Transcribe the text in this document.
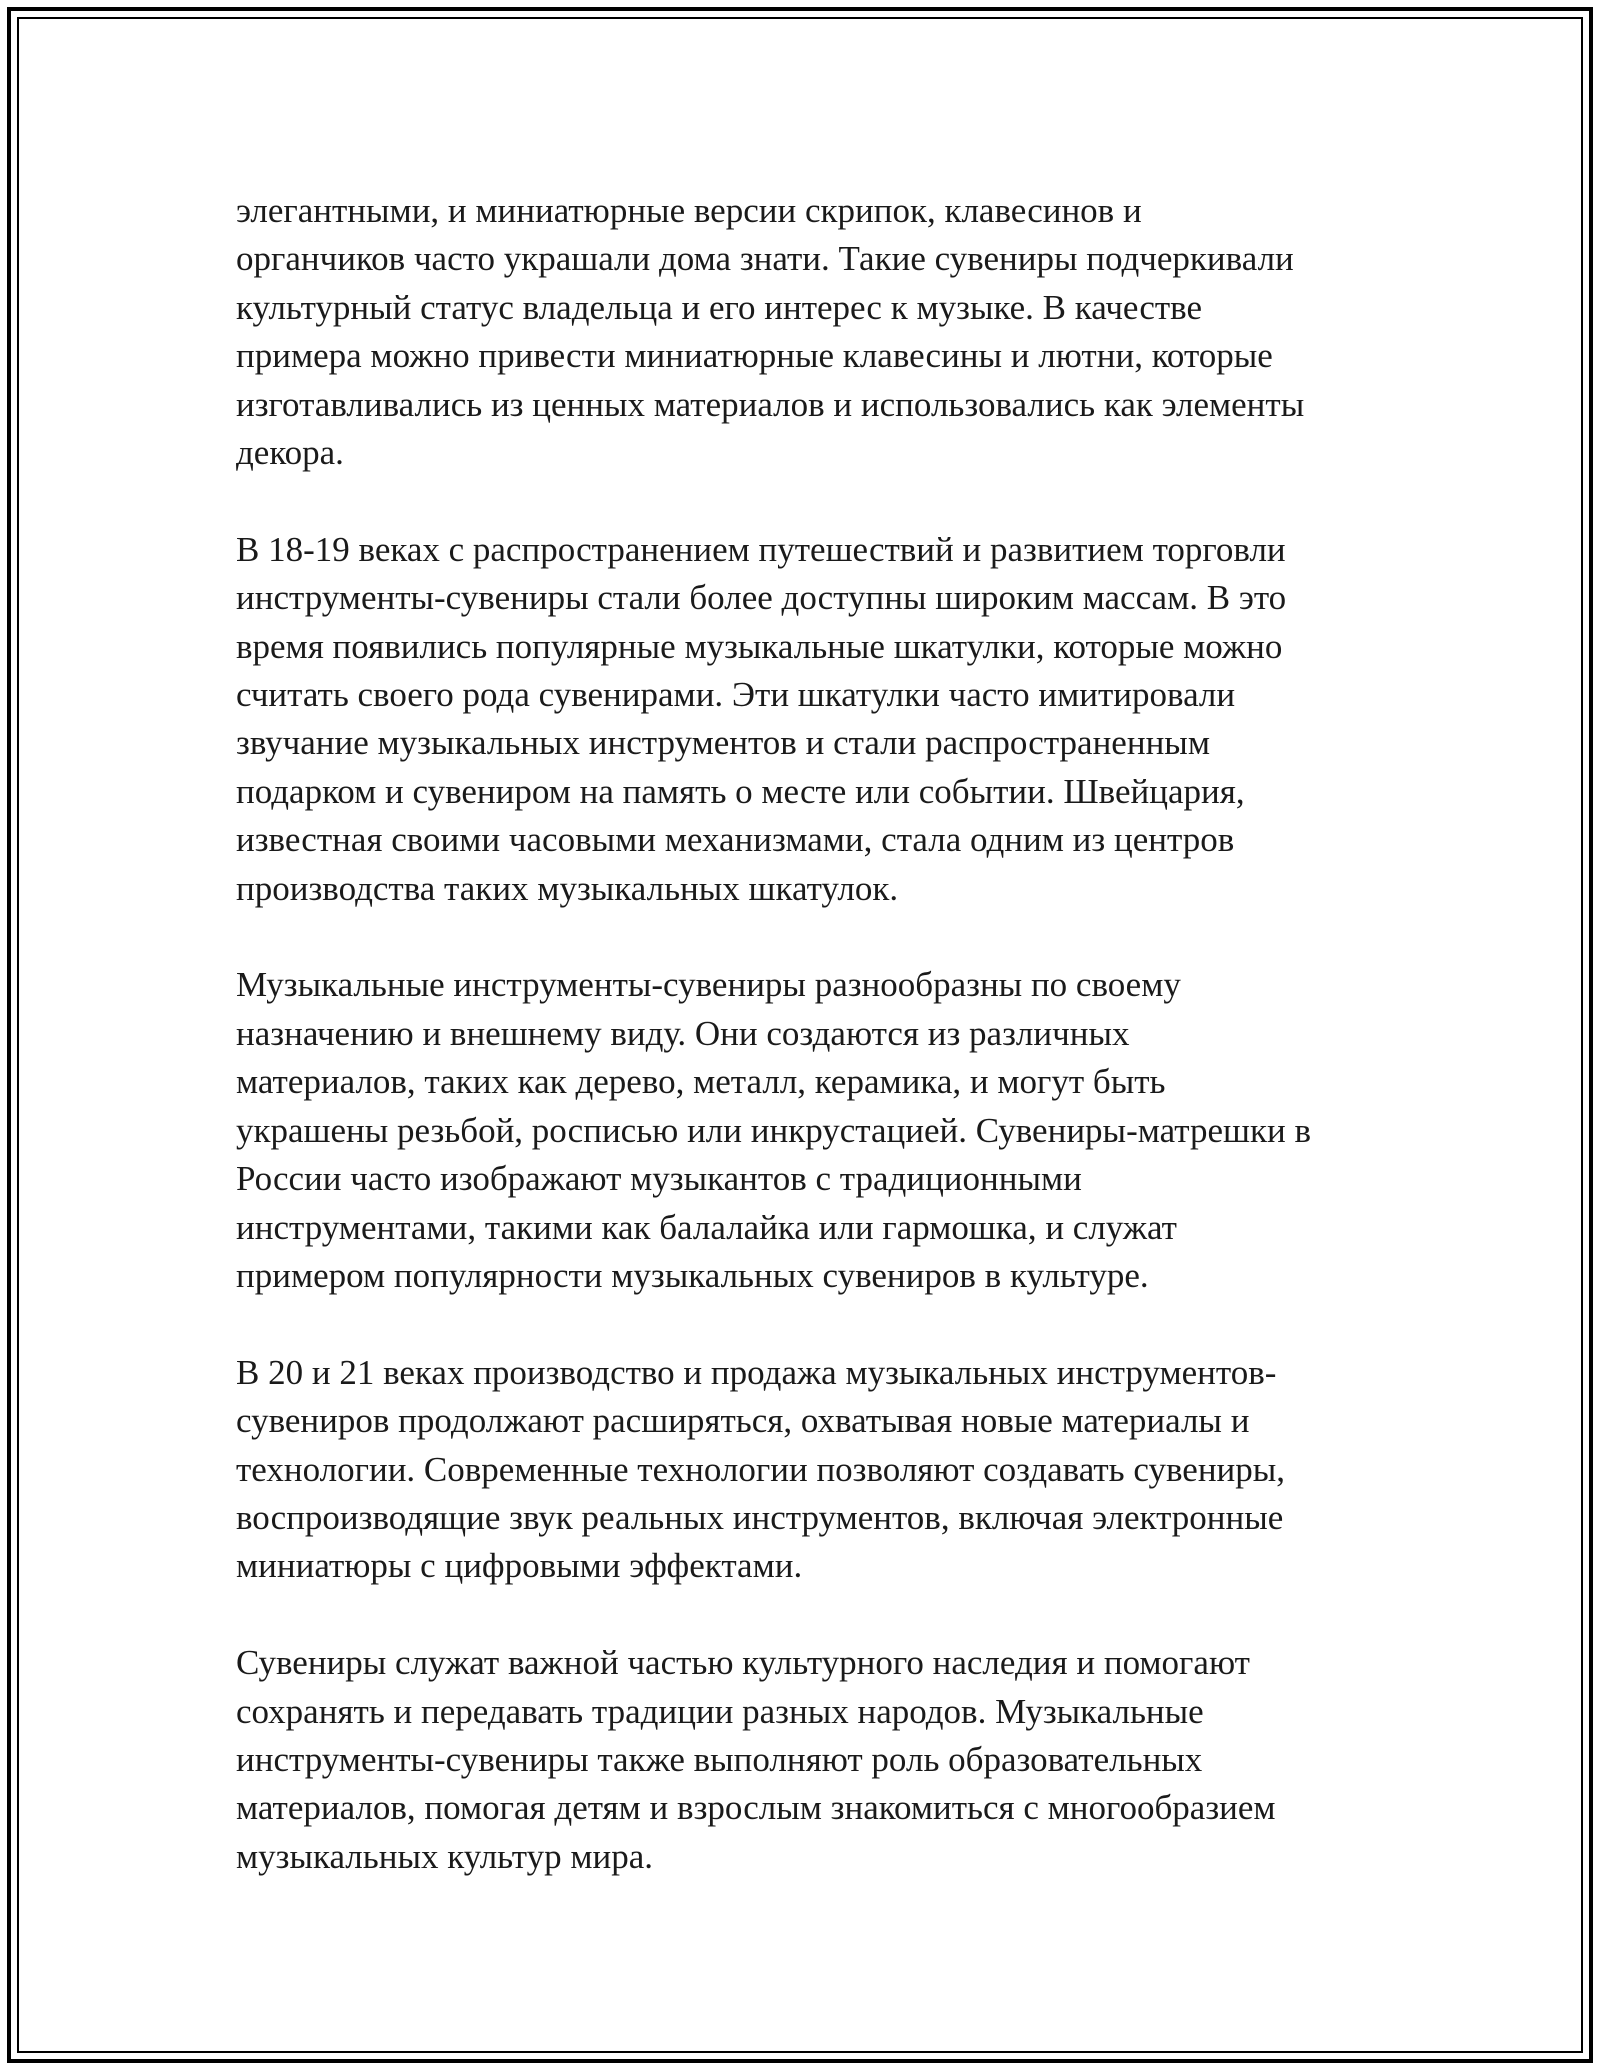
элегантными, и миниатюрные версии скрипок, клавесинов и
органчиков часто украшали дома знати. Такие сувениры подчеркивали
культурный статус владельца и его интерес к музыке. В качестве
примера можно привести миниатюрные клавесины и лютни, которые
изготавливались из ценных материалов и использовались как элементы
декора.

В 18-19 веках с распространением путешествий и развитием торговли
инструменты-сувениры стали более доступны широким массам. В это
время появились популярные музыкальные шкатулки, которые можно
считать своего рода сувенирами. Эти шкатулки часто имитировали
звучание музыкальных инструментов и стали распространенным
подарком и сувениром на память о месте или событии. Швейцария,
известная своими часовыми механизмами, стала одним из центров
производства таких музыкальных шкатулок.

Музыкальные инструменты-сувениры разнообразны по своему
назначению и внешнему виду. Они создаются из различных
материалов, таких как дерево, металл, керамика, и могут быть
украшены резьбой, росписью или инкрустацией. Сувениры-матрешки в
России часто изображают музыкантов с традиционными
инструментами, такими как балалайка или гармошка, и служат
примером популярности музыкальных сувениров в культуре.

В 20 и 21 веках производство и продажа музыкальных инструментов-
сувениров продолжают расширяться, охватывая новые материалы и
технологии. Современные технологии позволяют создавать сувениры,
воспроизводящие звук реальных инструментов, включая электронные
миниатюры с цифровыми эффектами.

Сувениры служат важной частью культурного наследия и помогают
сохранять и передавать традиции разных народов. Музыкальные
инструменты-сувениры также выполняют роль образовательных
материалов, помогая детям и взрослым знакомиться с многообразием
музыкальных культур мира.
